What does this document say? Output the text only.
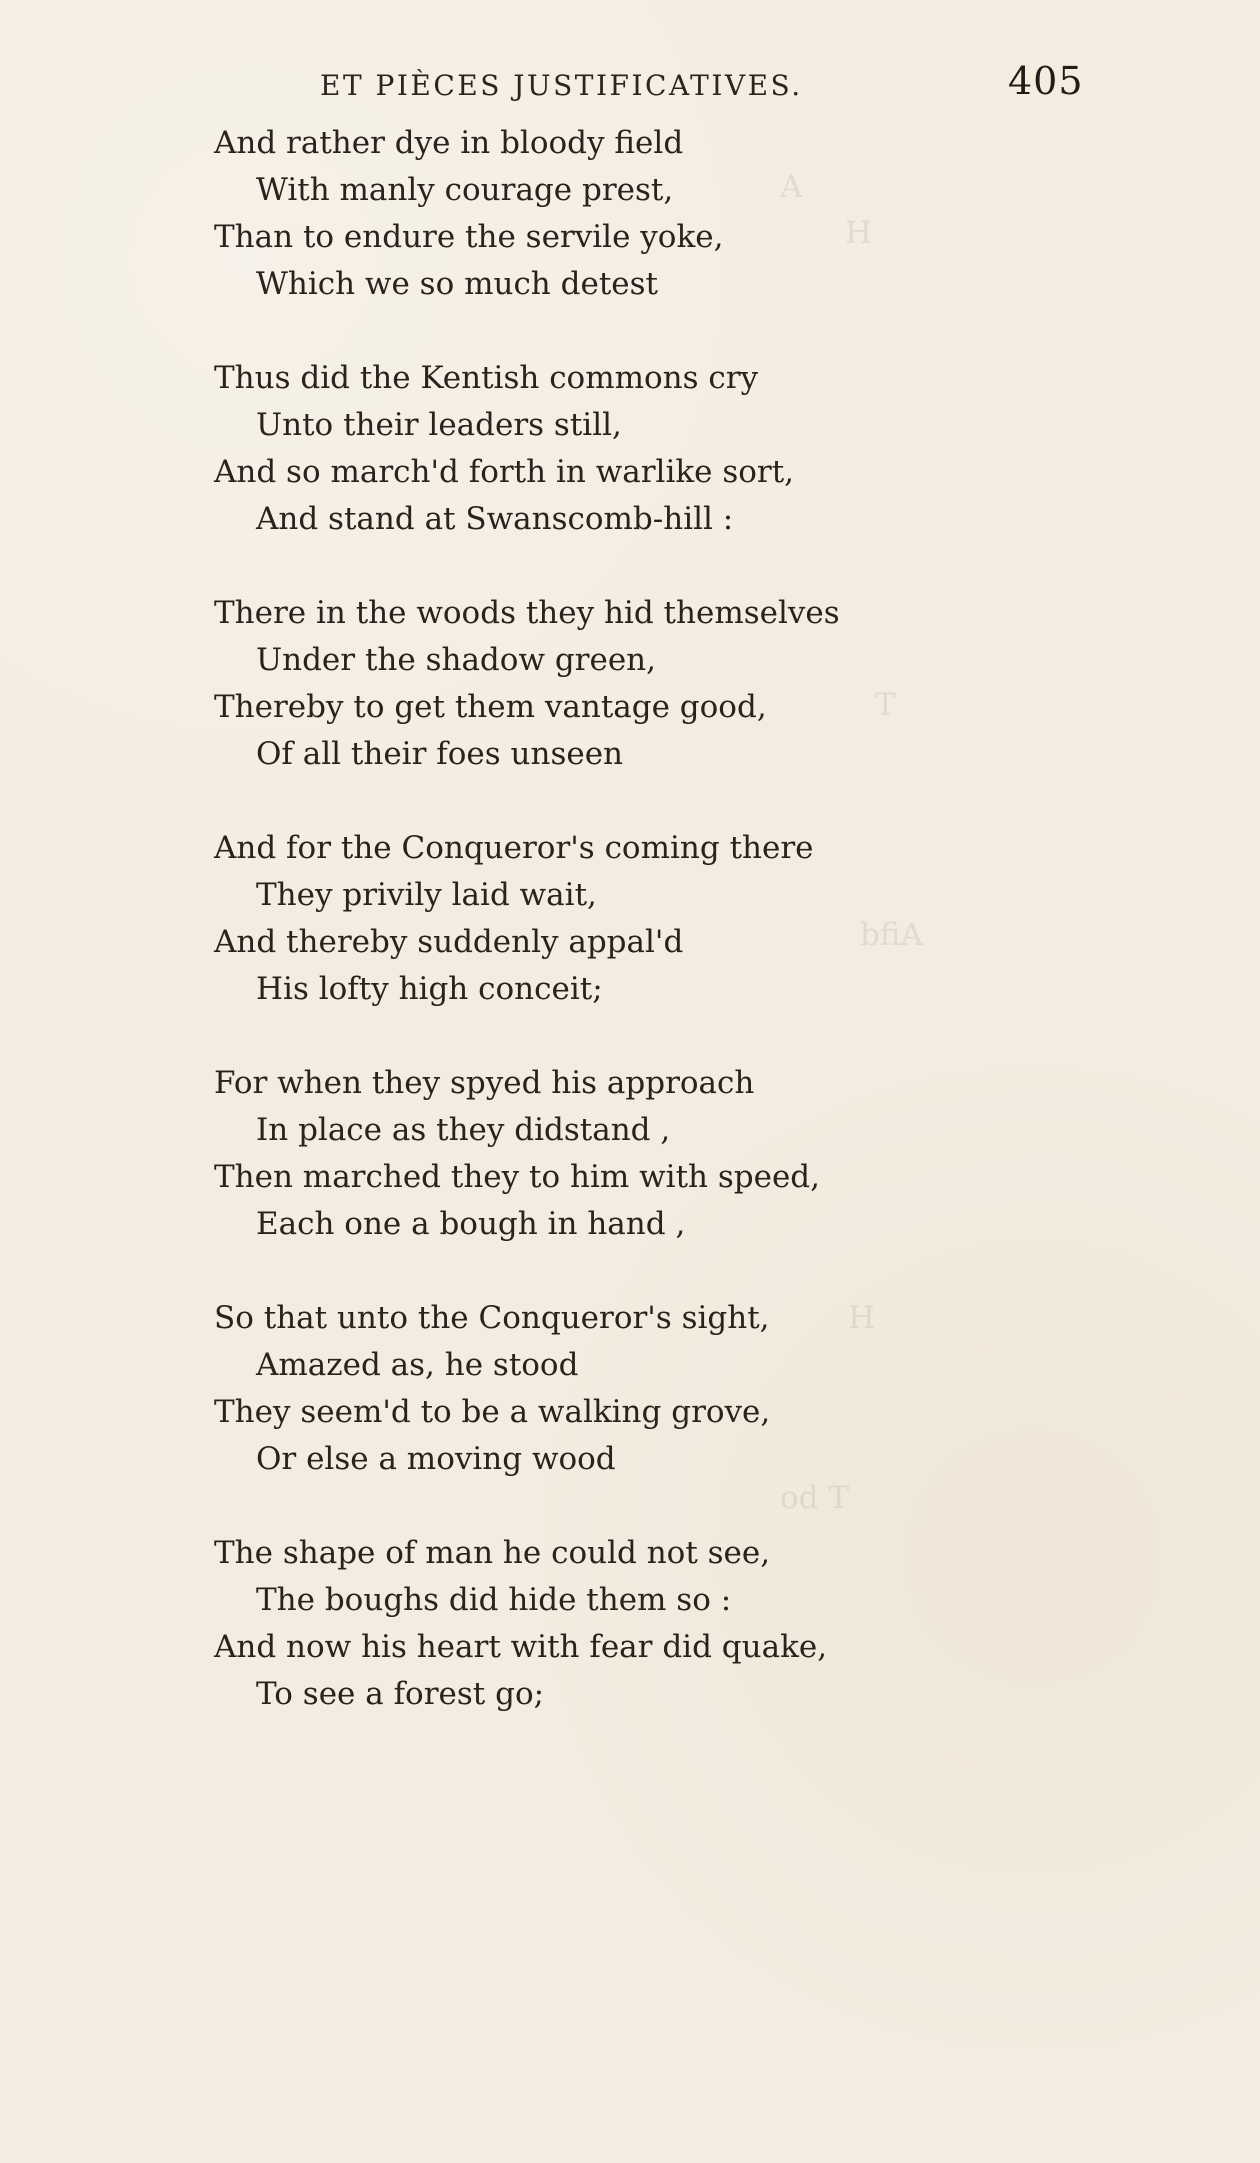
A
H
T
bfiA
H
od T
ET PIÈCES JUSTIFICATIVES.	405
And rather dye in bloody field
With manly courage prest,
Than to endure the servile yoke,
Which we so much detest
Thus did the Kentish commons cry
Unto their leaders still,
And so march'd forth in warlike sort,
And stand at Swanscomb-hill :
There in the woods they hid themselves
Under the shadow green,
Thereby to get them vantage good,
Of all their foes unseen
And for the Conqueror's coming there
They privily laid wait,
And thereby suddenly appal'd
His lofty high conceit;
For when they spyed his approach
In place as they didstand ,
Then marched they to him with speed,
Each one a bough in hand ,
So that unto the Conqueror's sight,
Amazed as, he stood
They seem'd to be a walking grove,
Or else a moving wood
The shape of man he could not see,
The boughs did hide them so :
And now his heart with fear did quake,
To see a forest go;
